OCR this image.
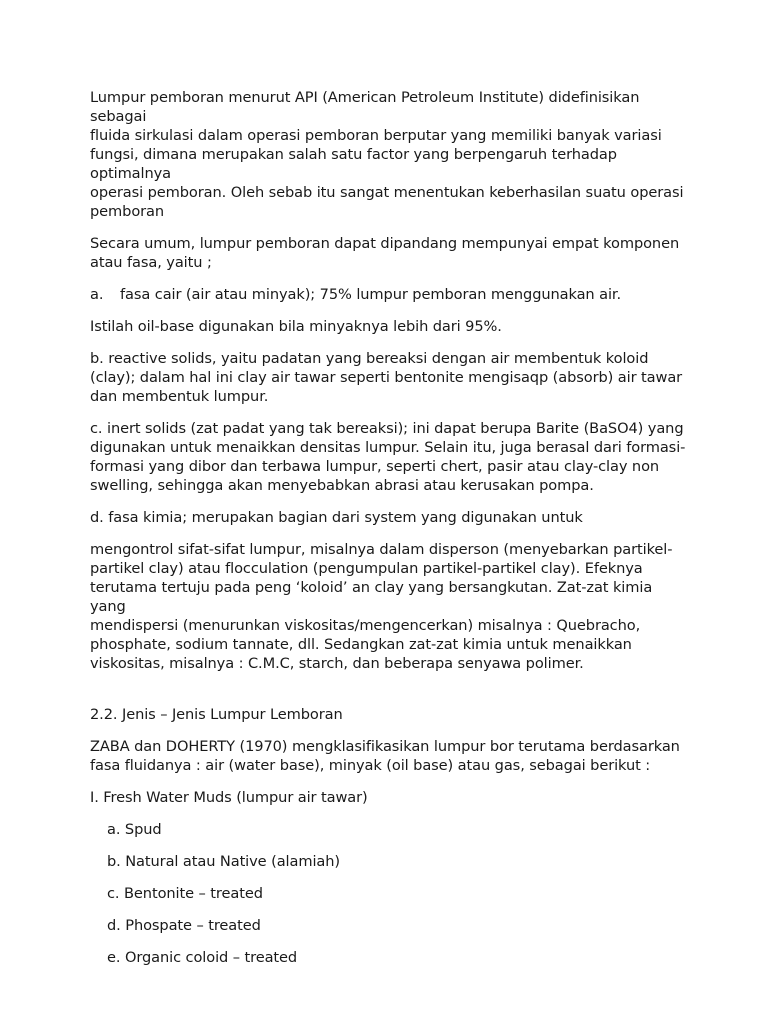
Lumpur pemboran menurut API (American Petroleum Institute) didefinisikan sebagai
fluida sirkulasi dalam operasi pemboran berputar yang memiliki banyak variasi
fungsi, dimana merupakan salah satu factor yang berpengaruh terhadap optimalnya
operasi pemboran. Oleh sebab itu sangat menentukan keberhasilan suatu operasi
pemboran

Secara umum, lumpur pemboran dapat dipandang mempunyai empat komponen
atau fasa, yaitu ;

a. fasa cair (air atau minyak); 75% lumpur pemboran menggunakan air.

Istilah oil-base digunakan bila minyaknya lebih dari 95%.

b. reactive solids, yaitu padatan yang bereaksi dengan air membentuk koloid
(clay); dalam hal ini clay air tawar seperti bentonite mengisaqp (absorb) air tawar
dan membentuk lumpur.

c. inert solids (zat padat yang tak bereaksi); ini dapat berupa Barite (BaSO4) yang
digunakan untuk menaikkan densitas lumpur. Selain itu, juga berasal dari formasi-
formasi yang dibor dan terbawa lumpur, seperti chert, pasir atau clay-clay non
swelling, sehingga akan menyebabkan abrasi atau kerusakan pompa.

d. fasa kimia; merupakan bagian dari system yang digunakan untuk

mengontrol sifat-sifat lumpur, misalnya dalam disperson (menyebarkan partikel-
partikel clay) atau flocculation (pengumpulan partikel-partikel clay). Efeknya
terutama tertuju pada peng ‘koloid’ an clay yang bersangkutan. Zat-zat kimia yang
mendispersi (menurunkan viskositas/mengencerkan) misalnya : Quebracho,
phosphate, sodium tannate, dll. Sedangkan zat-zat kimia untuk menaikkan
viskositas, misalnya : C.M.C, starch, dan beberapa senyawa polimer.

2.2. Jenis – Jenis Lumpur Lemboran

ZABA dan DOHERTY (1970) mengklasifikasikan lumpur bor terutama berdasarkan
fasa fluidanya : air (water base), minyak (oil base) atau gas, sebagai berikut :

I. Fresh Water Muds (lumpur air tawar)

a. Spud

b. Natural atau Native (alamiah)

c. Bentonite – treated

d. Phospate – treated

e. Organic coloid – treated
